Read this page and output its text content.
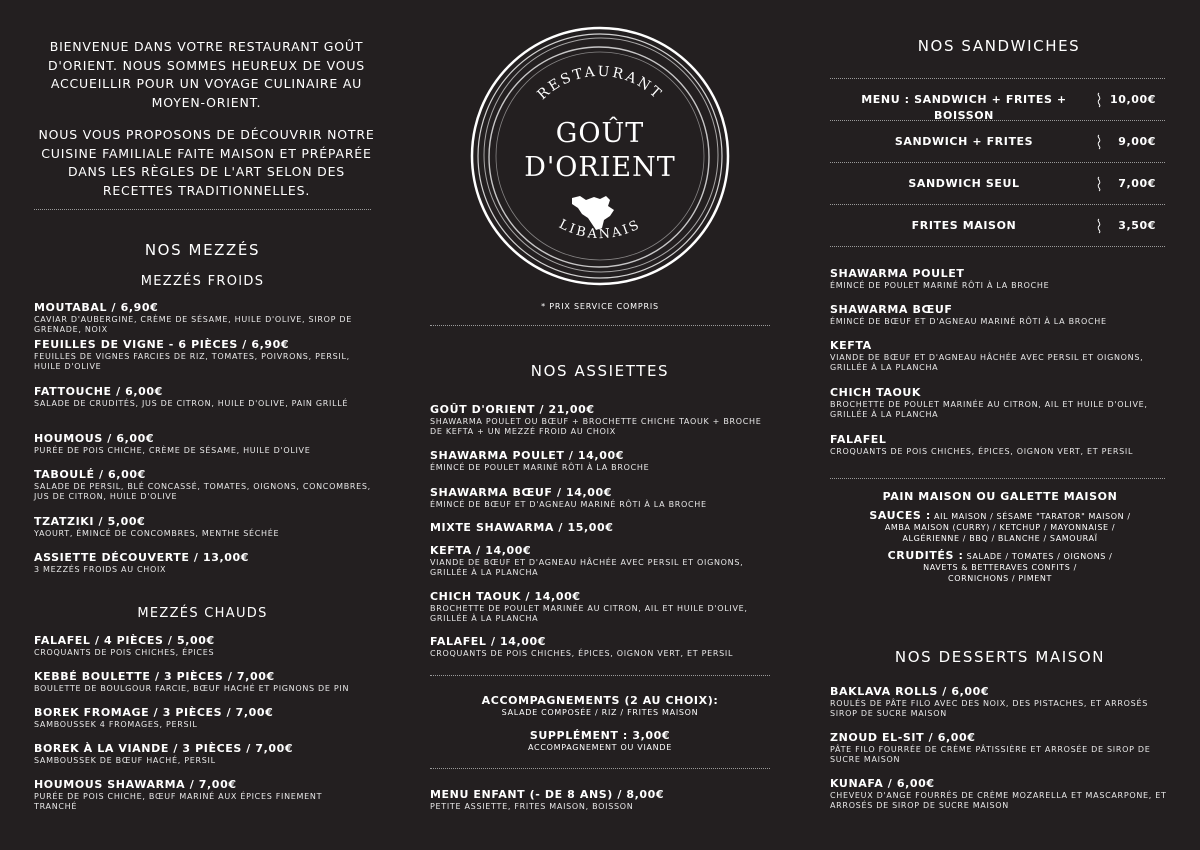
BIENVENUE DANS VOTRE RESTAURANT GOÛT D'ORIENT. NOUS SOMMES HEUREUX DE VOUS ACCUEILLIR POUR UN VOYAGE CULINAIRE AU MOYEN-ORIENT.

NOUS VOUS PROPOSONS DE DÉCOUVRIR NOTRE CUISINE FAMILIALE FAITE MAISON ET PRÉPARÉE DANS LES RÈGLES DE L'ART SELON DES RECETTES TRADITIONNELLES.

NOS MEZZÉS
MEZZÉS FROIDS
MOUTABAL / 6,90€
CAVIAR D'AUBERGINE, CRÈME DE SÉSAME, HUILE D'OLIVE, SIROP DE GRENADE, NOIX
FEUILLES DE VIGNE - 6 PIÈCES / 6,90€
FEUILLES DE VIGNES FARCIES DE RIZ, TOMATES, POIVRONS, PERSIL, HUILE D'OLIVE
FATTOUCHE / 6,00€
SALADE DE CRUDITÉS, JUS DE CITRON, HUILE D'OLIVE, PAIN GRILLÉ
HOUMOUS / 6,00€
PURÉE DE POIS CHICHE, CRÈME DE SÉSAME, HUILE D'OLIVE
TABOULÉ / 6,00€
SALADE DE PERSIL, BLÉ CONCASSÉ, TOMATES, OIGNONS, CONCOMBRES, JUS DE CITRON, HUILE D'OLIVE
TZATZIKI / 5,00€
YAOURT, ÉMINCÉ DE CONCOMBRES, MENTHE SÉCHÉE
ASSIETTE DÉCOUVERTE / 13,00€
3 MEZZÉS FROIDS AU CHOIX
MEZZÉS CHAUDS
FALAFEL / 4 PIÈCES / 5,00€
CROQUANTS DE POIS CHICHES, ÉPICES
KEBBÉ BOULETTE / 3 PIÈCES / 7,00€
BOULETTE DE BOULGOUR FARCIE, BŒUF HACHÉ ET PIGNONS DE PIN
BOREK FROMAGE / 3 PIÈCES / 7,00€
SAMBOUSSEK 4 FROMAGES, PERSIL
BOREK À LA VIANDE / 3 PIÈCES / 7,00€
SAMBOUSSEK DE BŒUF HACHÉ, PERSIL
HOUMOUS SHAWARMA / 7,00€
PURÉE DE POIS CHICHE, BŒUF MARINÉ AUX ÉPICES FINEMENT TRANCHÉ
RESTAURANT
GOÛT
D'ORIENT
LIBANAIS
* PRIX SERVICE COMPRIS
NOS ASSIETTES
GOÛT D'ORIENT / 21,00€
SHAWARMA POULET OU BŒUF + BROCHETTE CHICHE TAOUK + BROCHE DE KEFTA + UN MEZZÉ FROID AU CHOIX
SHAWARMA POULET / 14,00€
ÉMINCÉ DE POULET MARINÉ RÔTI À LA BROCHE
SHAWARMA BŒUF / 14,00€
ÉMINCÉ DE BŒUF ET D'AGNEAU MARINÉ RÔTI À LA BROCHE
MIXTE SHAWARMA / 15,00€
KEFTA / 14,00€
VIANDE DE BŒUF ET D'AGNEAU HÂCHÉE AVEC PERSIL ET OIGNONS, GRILLÉE À LA PLANCHA
CHICH TAOUK / 14,00€
BROCHETTE DE POULET MARINÉE AU CITRON, AIL ET HUILE D'OLIVE, GRILLÉE À LA PLANCHA
FALAFEL / 14,00€
CROQUANTS DE POIS CHICHES, ÉPICES, OIGNON VERT, ET PERSIL
ACCOMPAGNEMENTS (2 AU CHOIX):
SALADE COMPOSÉE / RIZ / FRITES MAISON
SUPPLÉMENT : 3,00€
ACCOMPAGNEMENT OU VIANDE
MENU ENFANT (- DE 8 ANS) / 8,00€
PETITE ASSIETTE, FRITES MAISON, BOISSON
NOS SANDWICHES
MENU : SANDWICH + FRITES + BOISSON
10,00€
SANDWICH + FRITES	9,00€
SANDWICH SEUL	7,00€
FRITES MAISON	3,50€
SHAWARMA POULET
ÉMINCÉ DE POULET MARINÉ RÔTI À LA BROCHE
SHAWARMA BŒUF
ÉMINCÉ DE BŒUF ET D'AGNEAU MARINÉ RÔTI À LA BROCHE
KEFTA
VIANDE DE BŒUF ET D'AGNEAU HÂCHÉE AVEC PERSIL ET OIGNONS, GRILLÉE À LA PLANCHA
CHICH TAOUK
BROCHETTE DE POULET MARINÉE AU CITRON, AIL ET HUILE D'OLIVE, GRILLÉE À LA PLANCHA
FALAFEL
CROQUANTS DE POIS CHICHES, ÉPICES, OIGNON VERT, ET PERSIL
PAIN MAISON OU GALETTE MAISON
SAUCES : AIL MAISON / SÉSAME "TARATOR" MAISON /
AMBA MAISON (CURRY) / KETCHUP / MAYONNAISE /
ALGÉRIENNE / BBQ / BLANCHE / SAMOURAÏ
CRUDITÉS : SALADE / TOMATES / OIGNONS /
NAVETS & BETTERAVES CONFITS /
CORNICHONS / PIMENT
NOS DESSERTS MAISON
BAKLAVA ROLLS / 6,00€
ROULÉS DE PÂTE FILO AVEC DES NOIX, DES PISTACHES, ET ARROSÉS SIROP DE SUCRE MAISON
ZNOUD EL-SIT / 6,00€
PÂTE FILO FOURRÉE DE CRÈME PÂTISSIÈRE ET ARROSÉE DE SIROP DE SUCRE MAISON
KUNAFA / 6,00€
CHEVEUX D'ANGE FOURRÉS DE CRÈME MOZARELLA ET MASCARPONE, ET ARROSÉS DE SIROP DE SUCRE MAISON
